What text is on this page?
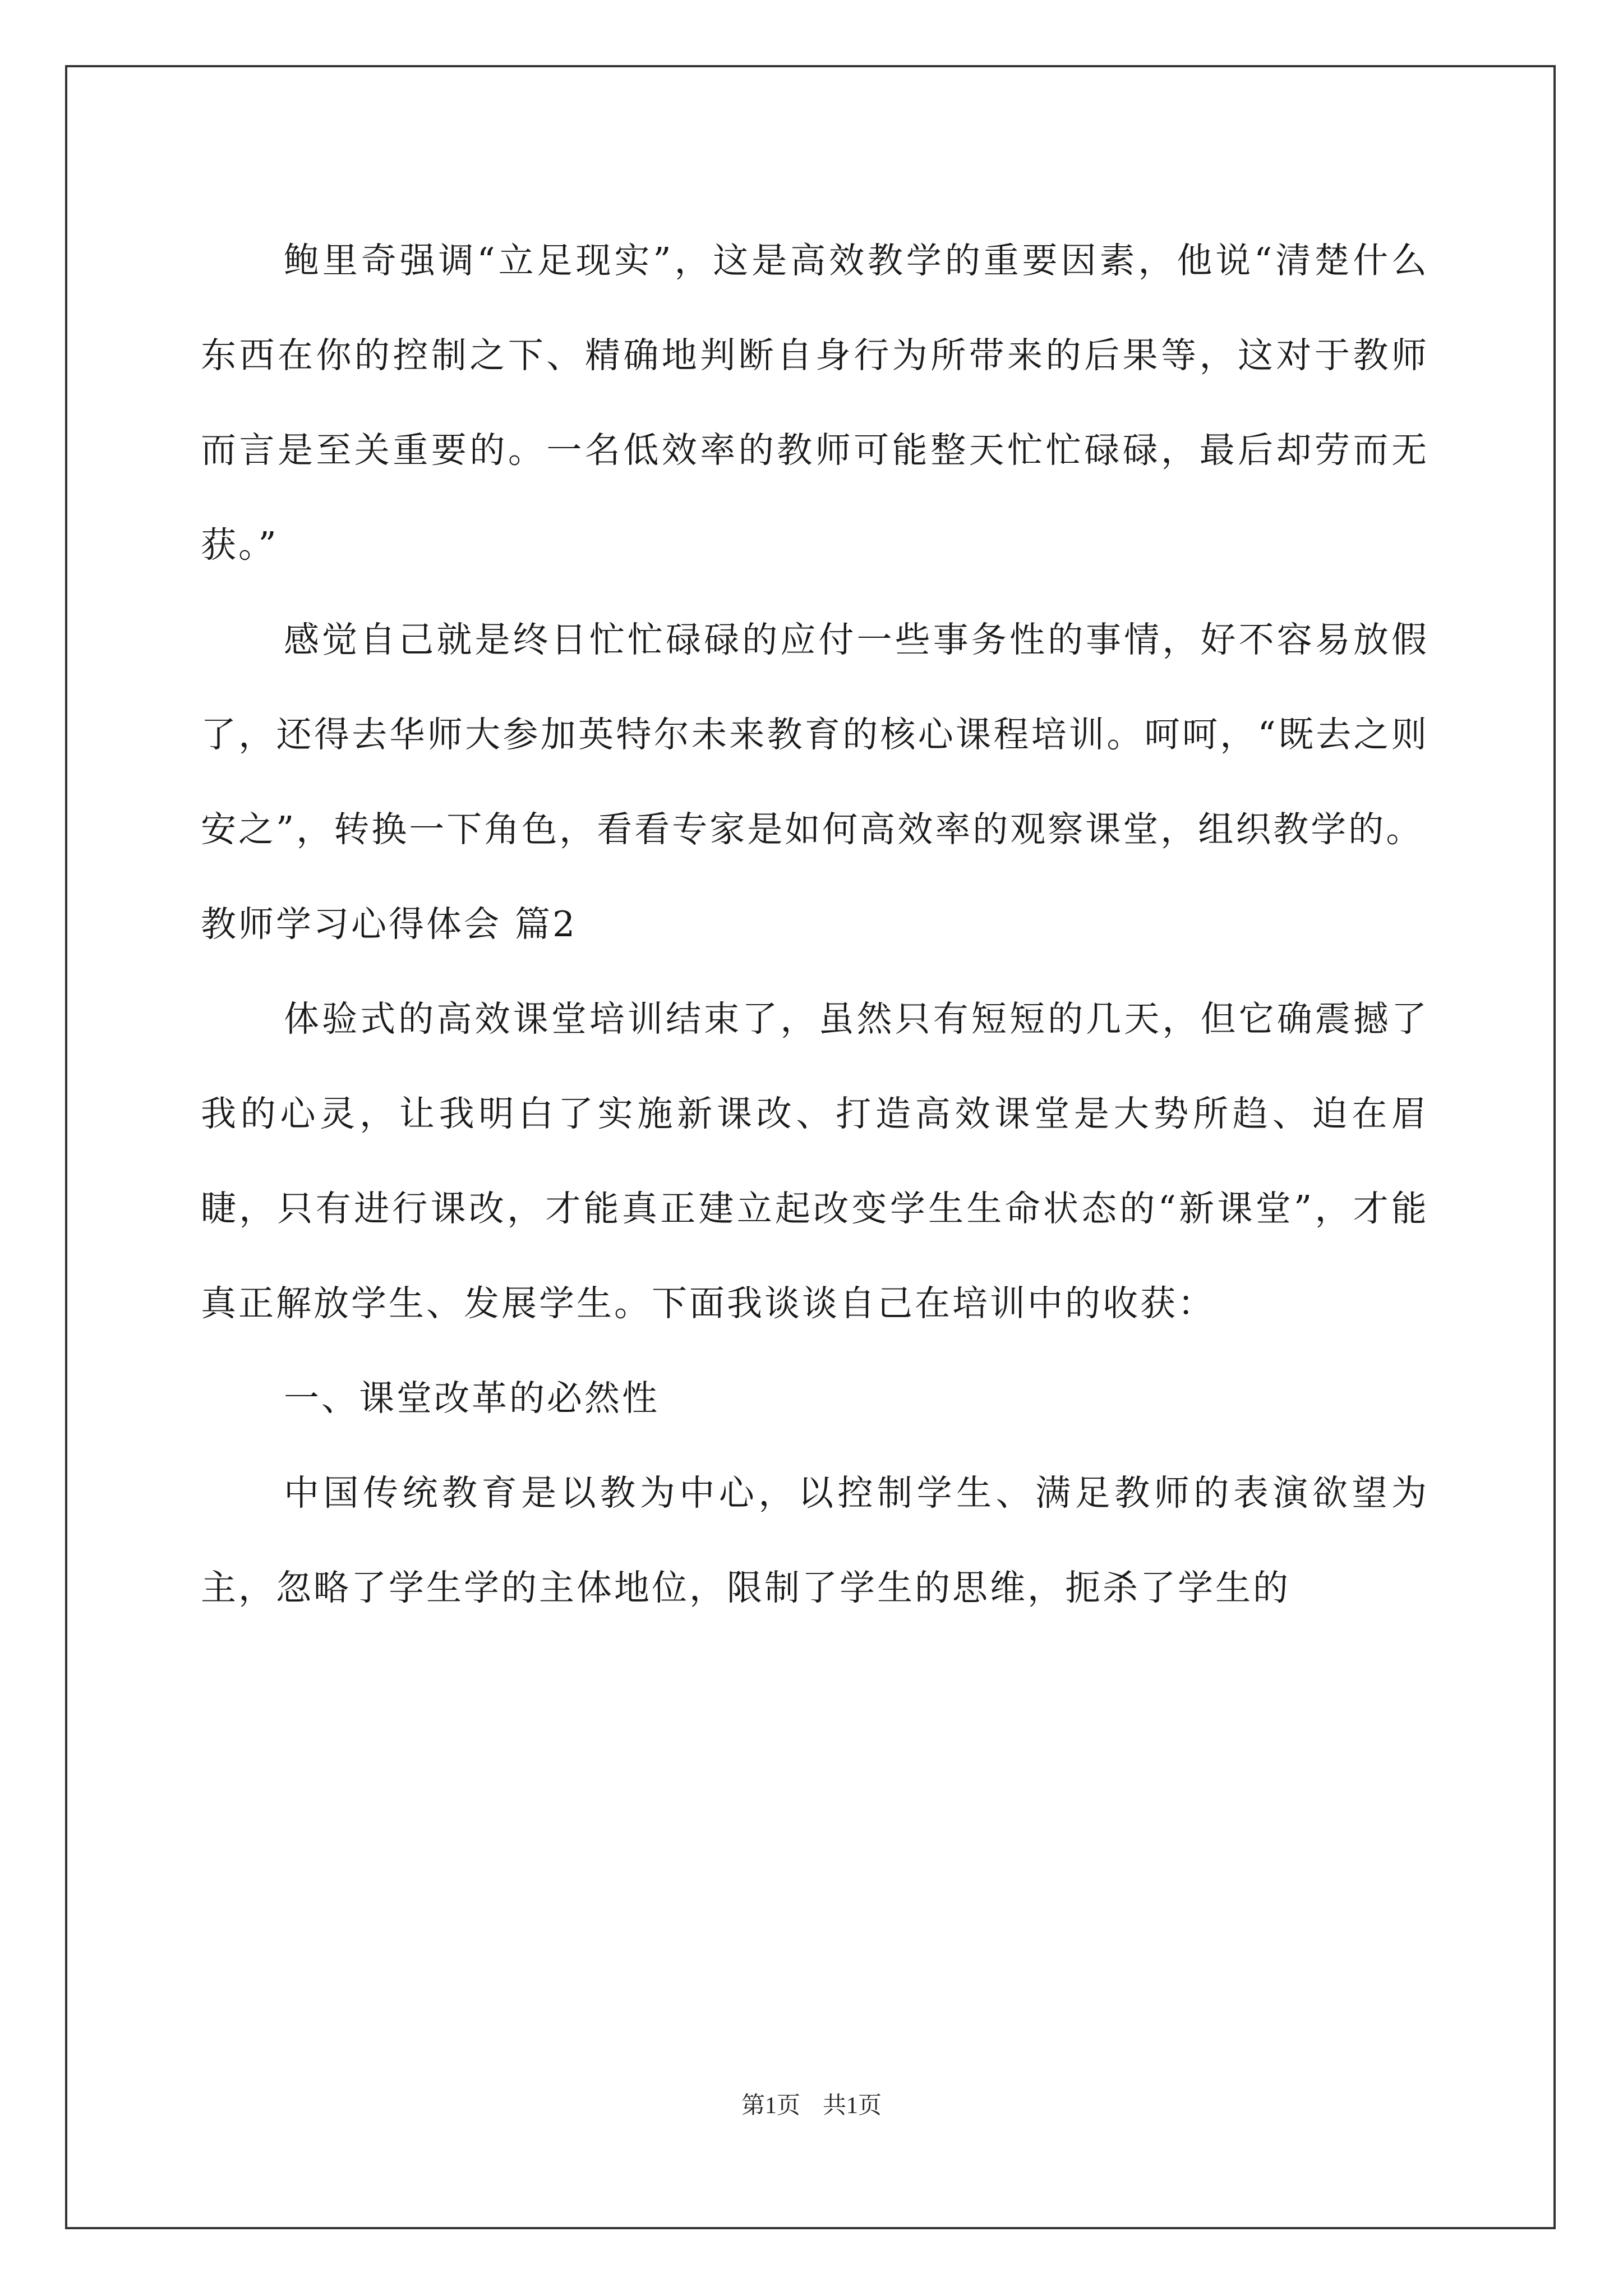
鲍里奇强调“立足现实”，这是高效教学的重要因素，他说“清楚什么东西在你的控制之下、精确地判断自身行为所带来的后果等，这对于教师而言是至关重要的。一名低效率的教师可能整天忙忙碌碌，最后却劳而无获。”

感觉自己就是终日忙忙碌碌的应付一些事务性的事情，好不容易放假了，还得去华师大参加英特尔未来教育的核心课程培训。呵呵，“既去之则安之”，转换一下角色，看看专家是如何高效率的观察课堂，组织教学的。

教师学习心得体会 篇2

体验式的高效课堂培训结束了，虽然只有短短的几天，但它确震撼了我的心灵，让我明白了实施新课改、打造高效课堂是大势所趋、迫在眉睫，只有进行课改，才能真正建立起改变学生生命状态的“新课堂”，才能真正解放学生、发展学生。下面我谈谈自己在培训中的收获：

一、课堂改革的必然性

中国传统教育是以教为中心，以控制学生、满足教师的表演欲望为主，忽略了学生学的主体地位，限制了学生的思维，扼杀了学生的

第1页 共1页
